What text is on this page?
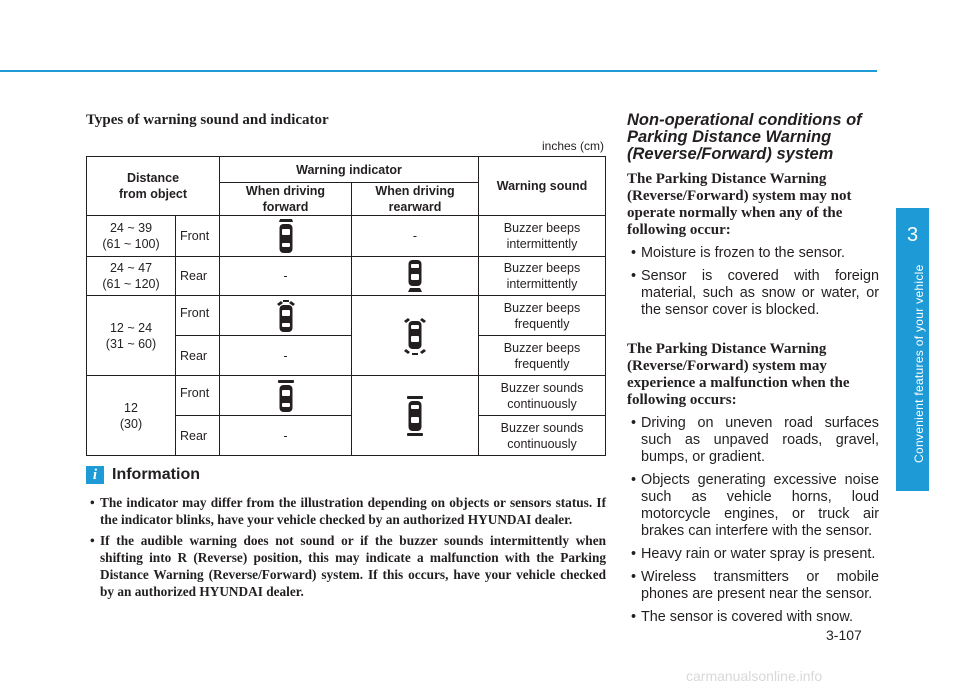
Types of warning sound and indicator
inches (cm)
Distance
from object		Warning indicator		Warning sound
		When driving
forward	When driving
rearward	
24 ~ 39
(61 ~ 100)	Front		-	Buzzer beeps
intermittently
24 ~ 47
(61 ~ 120)	Rear	-		Buzzer beeps
intermittently
12 ~ 24
(31 ~ 60)	Front			Buzzer beeps
frequently
	Rear	-		Buzzer beeps
frequently
12
(30)	Front			Buzzer sounds
continuously
	Rear	-		Buzzer sounds
continuously
i Information
• The indicator may differ from the illustration depending on objects or sensors status. If the indicator blinks, have your vehicle checked by an authorized HYUNDAI dealer.
• If the audible warning does not sound or if the buzzer sounds intermittently when shifting into R (Reverse) position, this may indicate a malfunction with the Parking Distance Warning (Reverse/Forward) system. If this occurs, have your vehicle checked by an authorized HYUNDAI dealer.
Non-operational conditions of Parking Distance Warning (Reverse/Forward) system

The Parking Distance Warning (Reverse/Forward) system may not operate normally when any of the following occur:

• Moisture is frozen to the sensor.
• Sensor is covered with foreign material, such as snow or water, or the sensor cover is blocked.

The Parking Distance Warning (Reverse/Forward) system may experience a malfunction when the following occurs:

• Driving on uneven road surfaces such as unpaved roads, gravel, bumps, or gradient.
• Objects generating excessive noise such as vehicle horns, loud motorcycle engines, or truck air brakes can interfere with the sensor.
• Heavy rain or water spray is present.
• Wireless transmitters or mobile phones are present near the sensor.
• The sensor is covered with snow.
3
Convenient features of your vehicle
3-107
carmanualsonline.info
